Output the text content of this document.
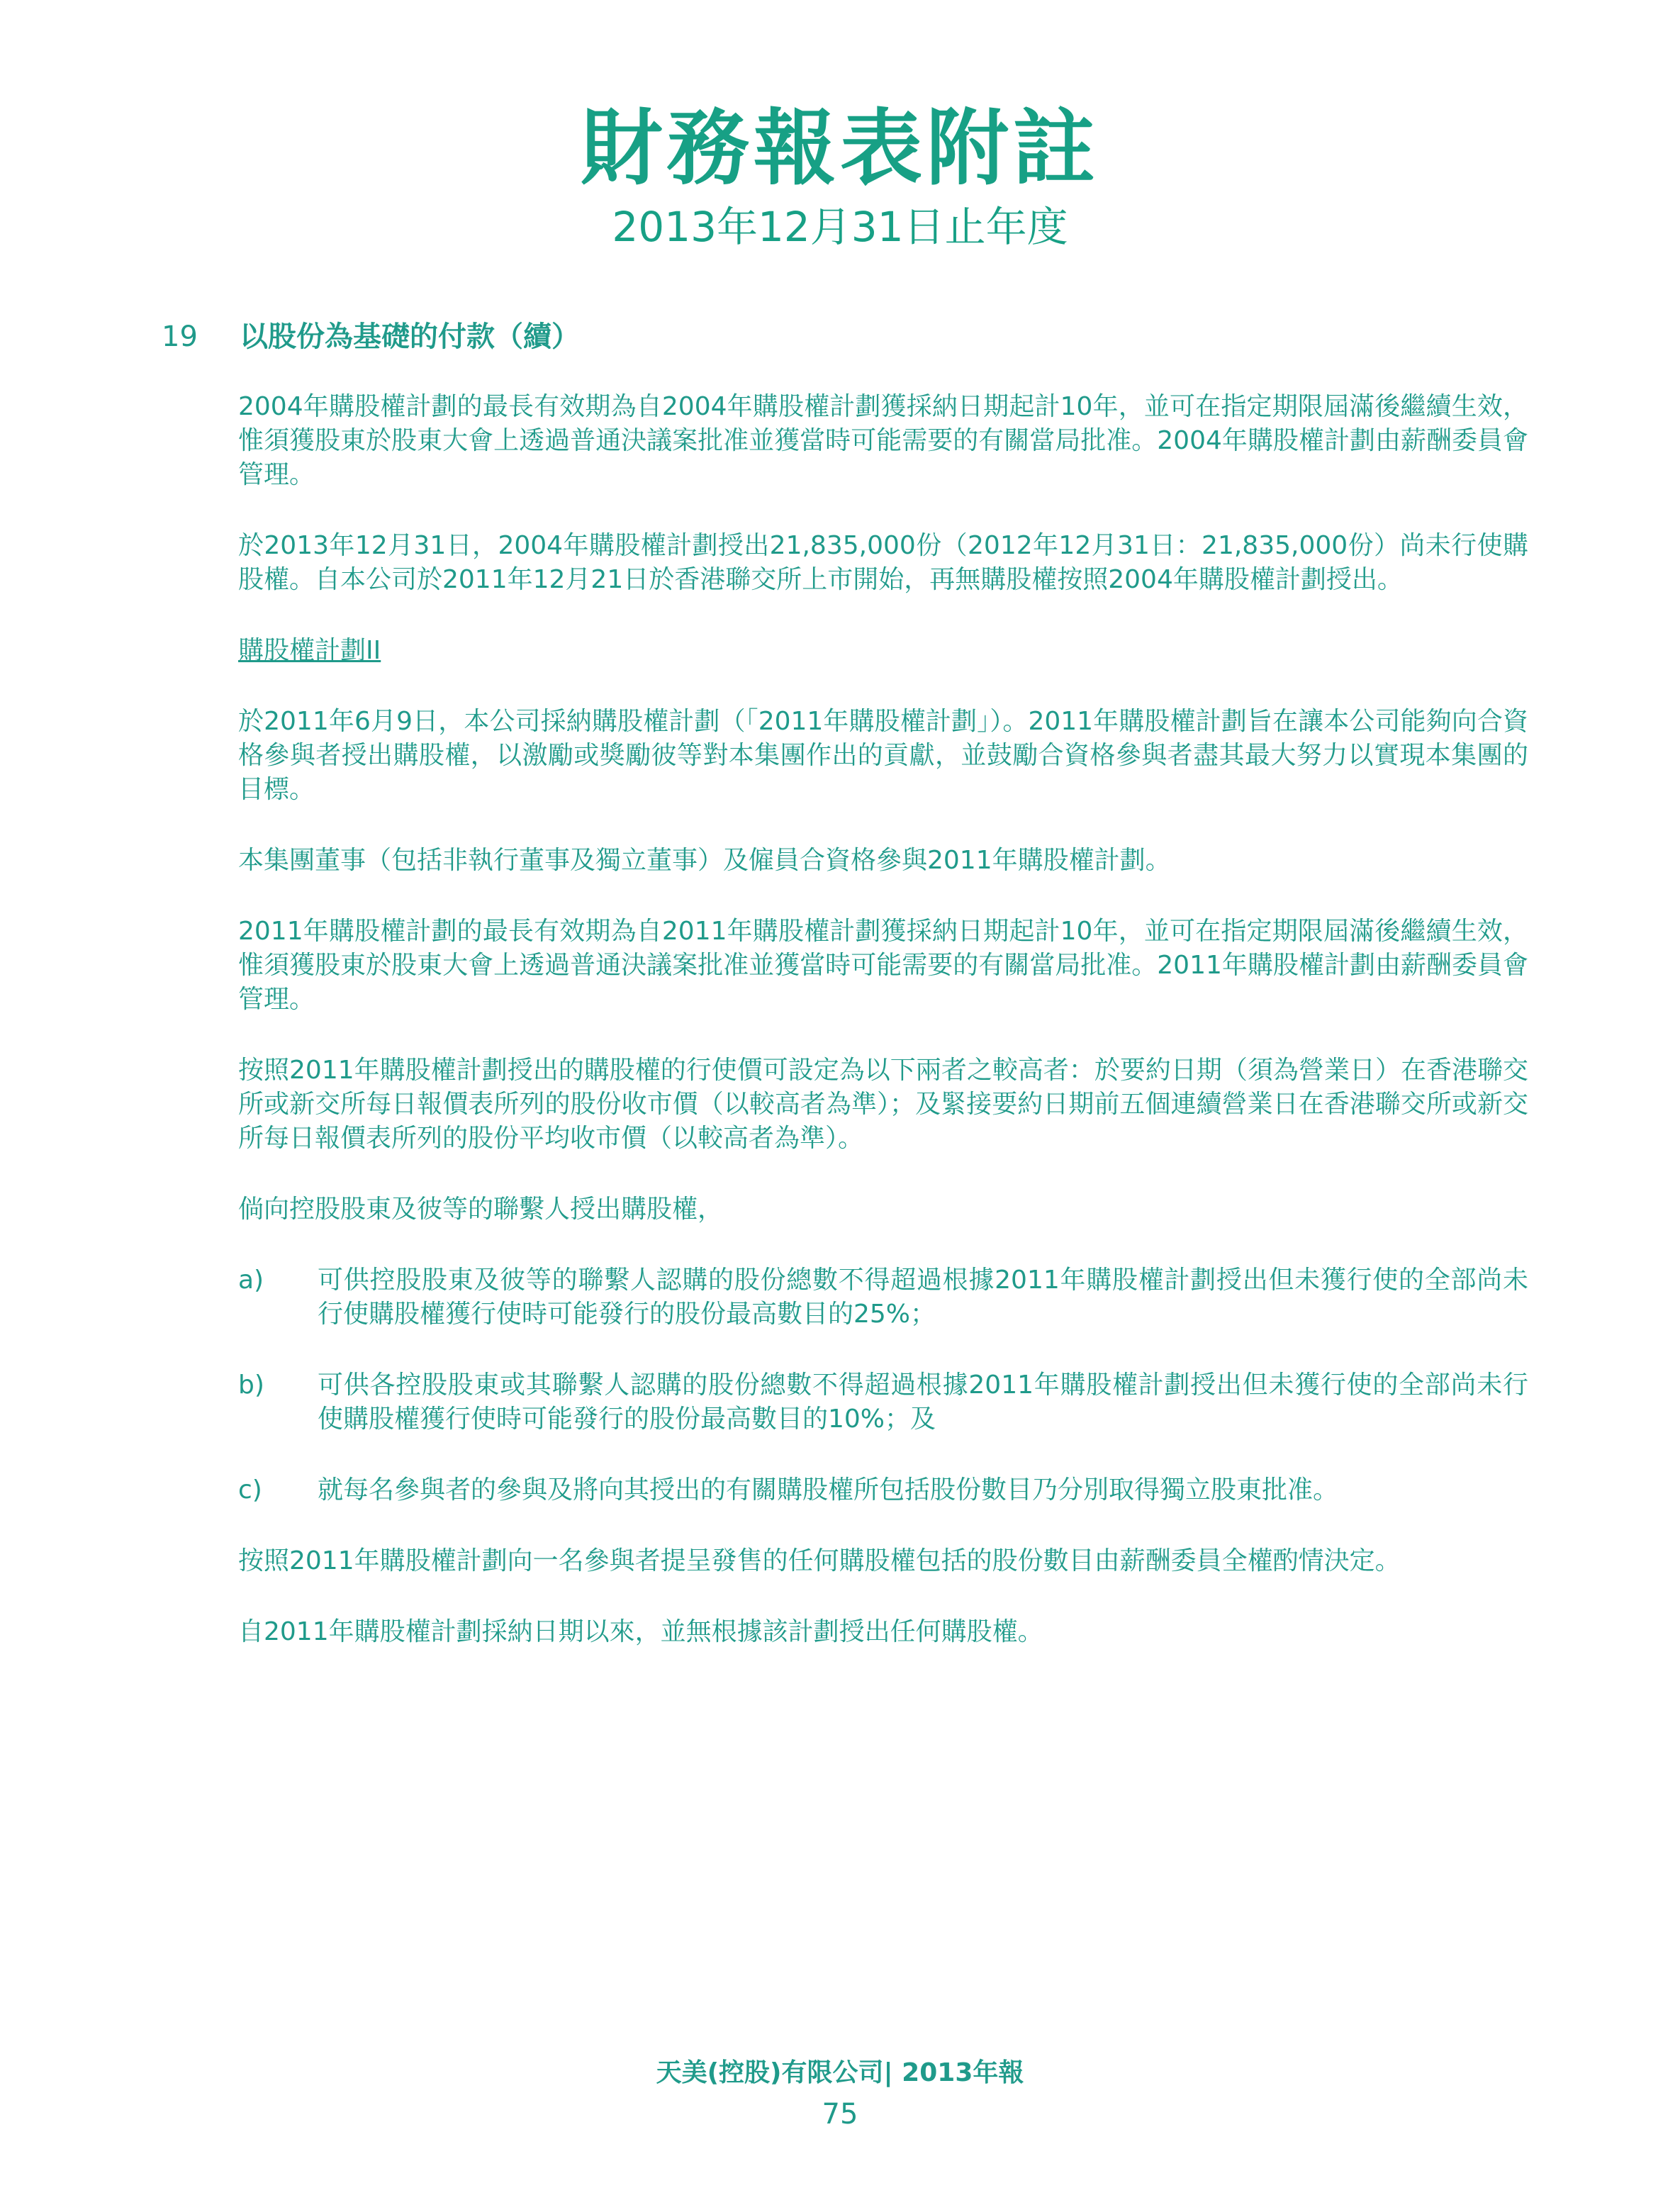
財務報表附註
2013年12月31日止年度
19 以股份為基礎的付款（續）

2004年購股權計劃的最長有效期為自2004年購股權計劃獲採納日期起計10年，並可在指定期限屆滿後繼續生效，惟須獲股東於股東大會上透過普通決議案批准並獲當時可能需要的有關當局批准。2004年購股權計劃由薪酬委員會管理。

於2013年12月31日，2004年購股權計劃授出21,835,000份（2012年12月31日：21,835,000份）尚未行使購股權。自本公司於2011年12月21日於香港聯交所上市開始，再無購股權按照2004年購股權計劃授出。

購股權計劃II

於2011年6月9日，本公司採納購股權計劃（「2011年購股權計劃」）。2011年購股權計劃旨在讓本公司能夠向合資格參與者授出購股權，以激勵或獎勵彼等對本集團作出的貢獻，並鼓勵合資格參與者盡其最大努力以實現本集團的目標。

本集團董事（包括非執行董事及獨立董事）及僱員合資格參與2011年購股權計劃。

2011年購股權計劃的最長有效期為自2011年購股權計劃獲採納日期起計10年，並可在指定期限屆滿後繼續生效，惟須獲股東於股東大會上透過普通決議案批准並獲當時可能需要的有關當局批准。2011年購股權計劃由薪酬委員會管理。

按照2011年購股權計劃授出的購股權的行使價可設定為以下兩者之較高者：於要約日期（須為營業日）在香港聯交所或新交所每日報價表所列的股份收市價（以較高者為準）；及緊接要約日期前五個連續營業日在香港聯交所或新交所每日報價表所列的股份平均收市價（以較高者為準）。

倘向控股股東及彼等的聯繫人授出購股權，

a)	可供控股股東及彼等的聯繫人認購的股份總數不得超過根據2011年購股權計劃授出但未獲行使的全部尚未行使購股權獲行使時可能發行的股份最高數目的25%；
b)	可供各控股股東或其聯繫人認購的股份總數不得超過根據2011年購股權計劃授出但未獲行使的全部尚未行使購股權獲行使時可能發行的股份最高數目的10%；及
c)	就每名參與者的參與及將向其授出的有關購股權所包括股份數目乃分別取得獨立股東批准。

按照2011年購股權計劃向一名參與者提呈發售的任何購股權包括的股份數目由薪酬委員全權酌情決定。

自2011年購股權計劃採納日期以來，並無根據該計劃授出任何購股權。

天美(控股)有限公司| 2013年報
75
